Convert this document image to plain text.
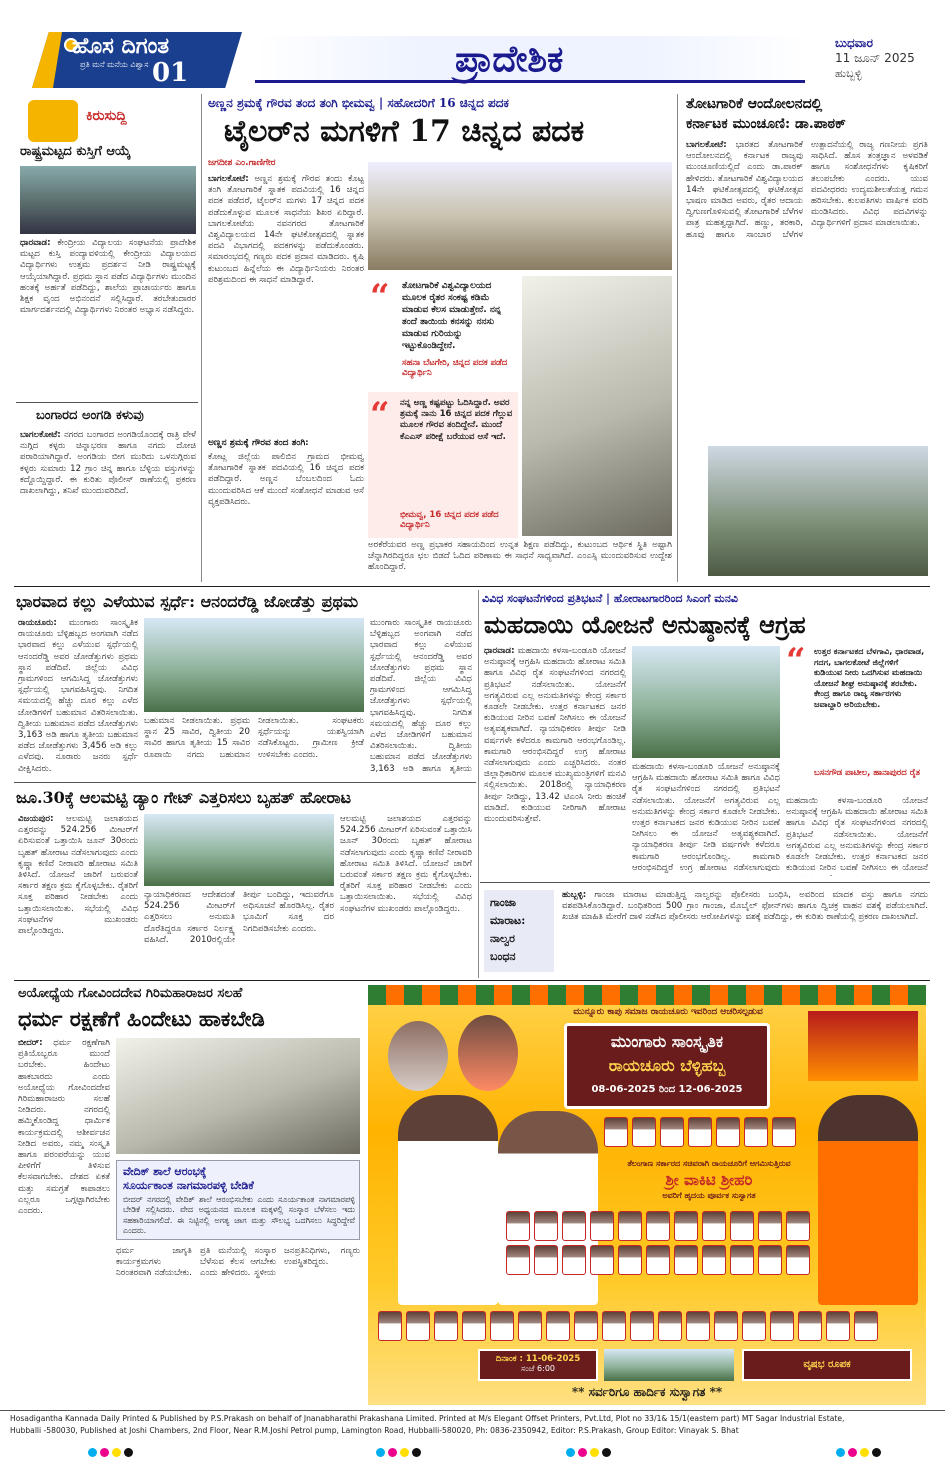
ಹೊಸ ದಿಗಂತ
ಪ್ರತಿ ಮನೆ ಮನೆಯ ವಿಶ್ವಾಸ 01	ಪ್ರಾದೇಶಿಕ	ಬುಧವಾರ
11 ಜೂನ್ 2025
ಹುಬ್ಬಳ್ಳಿ
ಕಿರುಸುದ್ದಿ
ರಾಷ್ಟ್ರಮಟ್ಟದ ಕುಸ್ತಿಗೆ ಆಯ್ಕೆ
ಧಾರವಾಡ: ಕೇಂದ್ರೀಯ ವಿದ್ಯಾಲಯ ಸಂಘಟನೆಯ ಪ್ರಾದೇಶಿಕ ಮಟ್ಟದ ಕುಸ್ತಿ ಪಂದ್ಯಾವಳಿಯಲ್ಲಿ ಕೇಂದ್ರೀಯ ವಿದ್ಯಾಲಯದ ವಿದ್ಯಾರ್ಥಿಗಳು ಉತ್ತಮ ಪ್ರದರ್ಶನ ನೀಡಿ ರಾಷ್ಟ್ರಮಟ್ಟಕ್ಕೆ ಆಯ್ಕೆಯಾಗಿದ್ದಾರೆ. ಪ್ರಥಮ ಸ್ಥಾನ ಪಡೆದ ವಿದ್ಯಾರ್ಥಿಗಳು ಮುಂದಿನ ಹಂತಕ್ಕೆ ಅರ್ಹತೆ ಪಡೆದಿದ್ದು, ಶಾಲೆಯ ಪ್ರಾಚಾರ್ಯರು ಹಾಗೂ ಶಿಕ್ಷಕ ವೃಂದ ಅಭಿನಂದನೆ ಸಲ್ಲಿಸಿದ್ದಾರೆ. ತರಬೇತುದಾರರ ಮಾರ್ಗದರ್ಶನದಲ್ಲಿ ವಿದ್ಯಾರ್ಥಿಗಳು ನಿರಂತರ ಅಭ್ಯಾಸ ನಡೆಸಿದ್ದರು.
ಬಂಗಾರದ ಅಂಗಡಿ ಕಳುವು
ಬಾಗಲಕೋಟೆ: ನಗರದ ಬಂಗಾರದ ಅಂಗಡಿಯೊಂದಕ್ಕೆ ರಾತ್ರಿ ವೇಳೆ ನುಗ್ಗಿದ ಕಳ್ಳರು ಚಿನ್ನಾಭರಣ ಹಾಗೂ ನಗದು ದೋಚಿ ಪರಾರಿಯಾಗಿದ್ದಾರೆ. ಅಂಗಡಿಯ ಬೀಗ ಮುರಿದು ಒಳನುಗ್ಗಿರುವ ಕಳ್ಳರು ಸುಮಾರು 12 ಗ್ರಾಂ ಚಿನ್ನ ಹಾಗೂ ಬೆಳ್ಳಿಯ ವಸ್ತುಗಳನ್ನು ಕದ್ದೊಯ್ದಿದ್ದಾರೆ. ಈ ಕುರಿತು ಪೊಲೀಸ್ ಠಾಣೆಯಲ್ಲಿ ಪ್ರಕರಣ ದಾಖಲಾಗಿದ್ದು, ತನಿಖೆ ಮುಂದುವರಿದಿದೆ.
ಅಣ್ಣನ ಶ್ರಮಕ್ಕೆ ಗೌರವ ತಂದ ತಂಗಿ ಭೀಮವ್ವ | ಸಹೋದರಿಗೆ 16 ಚಿನ್ನದ ಪದಕ
ಟೈಲರ್‌ನ ಮಗಳಿಗೆ 17 ಚಿನ್ನದ ಪದಕ
ಜಗದೀಶ ಎಂ.ಗಾಣಿಗೇರ
ಬಾಗಲಕೋಟೆ: ಅಣ್ಣನ ಶ್ರಮಕ್ಕೆ ಗೌರವ ತಂದು ಕೊಟ್ಟ ತಂಗಿ ತೋಟಗಾರಿಕೆ ಸ್ನಾತಕ ಪದವಿಯಲ್ಲಿ 16 ಚಿನ್ನದ ಪದಕ ಪಡೆದರೆ, ಟೈಲರ್‌ನ ಮಗಳು 17 ಚಿನ್ನದ ಪದಕ ಪಡೆದುಕೊಳ್ಳುವ ಮೂಲಕ ಸಾಧನೆಯ ಶಿಖರ ಏರಿದ್ದಾರೆ. ಬಾಗಲಕೋಟೆಯ ನವನಗರದ ತೋಟಗಾರಿಕೆ ವಿಶ್ವವಿದ್ಯಾಲಯದ 14ನೇ ಘಟಿಕೋತ್ಸವದಲ್ಲಿ ಸ್ನಾತಕ ಪದವಿ ವಿಭಾಗದಲ್ಲಿ ಪದಕಗಳನ್ನು ಪಡೆದುಕೊಂಡರು. ಸಮಾರಂಭದಲ್ಲಿ ಗಣ್ಯರು ಪದಕ ಪ್ರದಾನ ಮಾಡಿದರು. ಕೃಷಿ ಕುಟುಂಬದ ಹಿನ್ನೆಲೆಯ ಈ ವಿದ್ಯಾರ್ಥಿನಿಯರು ನಿರಂತರ ಪರಿಶ್ರಮದಿಂದ ಈ ಸಾಧನೆ ಮಾಡಿದ್ದಾರೆ.
ಅಣ್ಣನ ಶ್ರಮಕ್ಕೆ ಗೌರವ ತಂದ ತಂಗಿ:
ಕೋಟ್ಲ ಜಿಲ್ಲೆಯ ಪಾಲಿಬಿನ ಗ್ರಾಮದ ಭೀಮವ್ವ ತೋಟಗಾರಿಕೆ ಸ್ನಾತಕ ಪದವಿಯಲ್ಲಿ 16 ಚಿನ್ನದ ಪದಕ ಪಡೆದಿದ್ದಾರೆ. ಅಣ್ಣನ ಬೆಂಬಲದಿಂದ ಓದು ಮುಂದುವರಿಸಿದ ಆಕೆ ಮುಂದೆ ಸಂಶೋಧನೆ ಮಾಡುವ ಆಸೆ ವ್ಯಕ್ತಪಡಿಸಿದರು.
“ ತೋಟಗಾರಿಕೆ ವಿಶ್ವವಿದ್ಯಾಲಯದ ಮೂಲಕ ರೈತರ ಸಂಕಷ್ಟ ಕಡಿಮೆ ಮಾಡುವ ಕೆಲಸ ಮಾಡುತ್ತೇನೆ. ನನ್ನ ತಂದೆ ತಾಯಿಯ ಕನಸನ್ನು ನನಸು ಮಾಡುವ ಗುರಿಯನ್ನು ಇಟ್ಟುಕೊಂಡಿದ್ದೇನೆ.
ಸಹನಾ ಬೆಟಗೇರಿ, ಚಿನ್ನದ ಪದಕ ಪಡೆದ ವಿದ್ಯಾರ್ಥಿನಿ
“ ನನ್ನ ಅಣ್ಣ ಕಷ್ಟಪಟ್ಟು ಓದಿಸಿದ್ದಾರೆ. ಅವರ ಶ್ರಮಕ್ಕೆ ನಾನು 16 ಚಿನ್ನದ ಪದಕ ಗೆಲ್ಲುವ ಮೂಲಕ ಗೌರವ ತಂದಿದ್ದೇನೆ. ಮುಂದೆ ಕೆಎಎಸ್ ಪರೀಕ್ಷೆ ಬರೆಯುವ ಆಸೆ ಇದೆ.
ಭೀಮವ್ವ, 16 ಚಿನ್ನದ ಪದಕ ಪಡೆದ ವಿದ್ಯಾರ್ಥಿನಿ
ಅರಕೆರೆಯವರ ಅಣ್ಣ ಪ್ರಭಾಕರ ಸಹಾಯದಿಂದ ಉನ್ನತ ಶಿಕ್ಷಣ ಪಡೆದಿದ್ದು, ಕುಟುಂಬದ ಆರ್ಥಿಕ ಸ್ಥಿತಿ ಅಷ್ಟಾಗಿ ಚೆನ್ನಾಗಿರದಿದ್ದರೂ ಛಲ ಬಿಡದೆ ಓದಿದ ಪರಿಣಾಮ ಈ ಸಾಧನೆ ಸಾಧ್ಯವಾಗಿದೆ. ಎಂಎಸ್ಸಿ ಮುಂದುವರಿಸುವ ಉದ್ದೇಶ ಹೊಂದಿದ್ದಾರೆ.
ತೋಟಗಾರಿಕೆ ಆಂದೋಲನದಲ್ಲಿ
ಕರ್ನಾಟಕ ಮುಂಚೂಣಿ: ಡಾ.ಪಾಠಕ್
ಬಾಗಲಕೋಟೆ: ಭಾರತದ ತೋಟಗಾರಿಕೆ ಆಂದೋಲನದಲ್ಲಿ ಕರ್ನಾಟಕ ರಾಜ್ಯವು ಮುಂಚೂಣಿಯಲ್ಲಿದೆ ಎಂದು ಡಾ.ಪಾಠಕ್ ಹೇಳಿದರು. ತೋಟಗಾರಿಕೆ ವಿಶ್ವವಿದ್ಯಾಲಯದ 14ನೇ ಘಟಿಕೋತ್ಸವದಲ್ಲಿ ಘಟಿಕೋತ್ಸವ ಭಾಷಣ ಮಾಡಿದ ಅವರು, ರೈತರ ಆದಾಯ ದ್ವಿಗುಣಗೊಳಿಸುವಲ್ಲಿ ತೋಟಗಾರಿಕೆ ಬೆಳೆಗಳ ಪಾತ್ರ ಮಹತ್ವದ್ದಾಗಿದೆ. ಹಣ್ಣು, ತರಕಾರಿ, ಹೂವು ಹಾಗೂ ಸಾಂಬಾರ ಬೆಳೆಗಳ ಉತ್ಪಾದನೆಯಲ್ಲಿ ರಾಜ್ಯ ಗಣನೀಯ ಪ್ರಗತಿ ಸಾಧಿಸಿದೆ. ಹೊಸ ತಂತ್ರಜ್ಞಾನ ಅಳವಡಿಕೆ ಹಾಗೂ ಸಂಶೋಧನೆಗಳು ಕೃಷಿಕರಿಗೆ ತಲುಪಬೇಕು ಎಂದರು. ಯುವ ಪದವೀಧರರು ಉದ್ಯಮಶೀಲತೆಯತ್ತ ಗಮನ ಹರಿಸಬೇಕು. ಕುಲಪತಿಗಳು ವಾರ್ಷಿಕ ವರದಿ ಮಂಡಿಸಿದರು. ವಿವಿಧ ಪದವಿಗಳನ್ನು ವಿದ್ಯಾರ್ಥಿಗಳಿಗೆ ಪ್ರದಾನ ಮಾಡಲಾಯಿತು.
ಭಾರವಾದ ಕಲ್ಲು ಎಳೆಯುವ ಸ್ಪರ್ಧೆ: ಆನಂದರೆಡ್ಡಿ ಜೋಡೆತ್ತು ಪ್ರಥಮ
ರಾಯಚೂರು: ಮುಂಗಾರು ಸಾಂಸ್ಕೃತಿಕ ರಾಯಚೂರು ಬೆಳ್ಳಿಹಬ್ಬದ ಅಂಗವಾಗಿ ನಡೆದ ಭಾರವಾದ ಕಲ್ಲು ಎಳೆಯುವ ಸ್ಪರ್ಧೆಯಲ್ಲಿ ಆನಂದರೆಡ್ಡಿ ಅವರ ಜೋಡೆತ್ತುಗಳು ಪ್ರಥಮ ಸ್ಥಾನ ಪಡೆದಿವೆ. ಜಿಲ್ಲೆಯ ವಿವಿಧ ಗ್ರಾಮಗಳಿಂದ ಆಗಮಿಸಿದ್ದ ಜೋಡೆತ್ತುಗಳು ಸ್ಪರ್ಧೆಯಲ್ಲಿ ಭಾಗವಹಿಸಿದ್ದವು. ನಿಗದಿತ ಸಮಯದಲ್ಲಿ ಹೆಚ್ಚು ದೂರ ಕಲ್ಲು ಎಳೆದ ಜೋಡಿಗಳಿಗೆ ಬಹುಮಾನ ವಿತರಿಸಲಾಯಿತು. ದ್ವಿತೀಯ ಬಹುಮಾನ ಪಡೆದ ಜೋಡೆತ್ತುಗಳು 3,163 ಅಡಿ ಹಾಗೂ ತೃತೀಯ ಬಹುಮಾನ ಪಡೆದ ಜೋಡೆತ್ತುಗಳು 3,456 ಅಡಿ ಕಲ್ಲು ಎಳೆದವು. ನೂರಾರು ಜನರು ಸ್ಪರ್ಧೆ ವೀಕ್ಷಿಸಿದರು.
ಬಹುಮಾನ ನೀಡಲಾಯಿತು. ಪ್ರಥಮ ಸ್ಥಾನ 25 ಸಾವಿರ, ದ್ವಿತೀಯ 20 ಸಾವಿರ ಹಾಗೂ ತೃತೀಯ 15 ಸಾವಿರ ರೂಪಾಯಿ ನಗದು ಬಹುಮಾನ ನೀಡಲಾಯಿತು. ಸಂಘಟಕರು ಸ್ಪರ್ಧೆಯನ್ನು ಯಶಸ್ವಿಯಾಗಿ ನಡೆಸಿಕೊಟ್ಟರು. ಗ್ರಾಮೀಣ ಕ್ರೀಡೆ ಉಳಿಸಬೇಕು ಎಂದರು.
ಮುಂಗಾರು ಸಾಂಸ್ಕೃತಿಕ ರಾಯಚೂರು ಬೆಳ್ಳಿಹಬ್ಬದ ಅಂಗವಾಗಿ ನಡೆದ ಭಾರವಾದ ಕಲ್ಲು ಎಳೆಯುವ ಸ್ಪರ್ಧೆಯಲ್ಲಿ ಆನಂದರೆಡ್ಡಿ ಅವರ ಜೋಡೆತ್ತುಗಳು ಪ್ರಥಮ ಸ್ಥಾನ ಪಡೆದಿವೆ. ಜಿಲ್ಲೆಯ ವಿವಿಧ ಗ್ರಾಮಗಳಿಂದ ಆಗಮಿಸಿದ್ದ ಜೋಡೆತ್ತುಗಳು ಸ್ಪರ್ಧೆಯಲ್ಲಿ ಭಾಗವಹಿಸಿದ್ದವು. ನಿಗದಿತ ಸಮಯದಲ್ಲಿ ಹೆಚ್ಚು ದೂರ ಕಲ್ಲು ಎಳೆದ ಜೋಡಿಗಳಿಗೆ ಬಹುಮಾನ ವಿತರಿಸಲಾಯಿತು. ದ್ವಿತೀಯ ಬಹುಮಾನ ಪಡೆದ ಜೋಡೆತ್ತುಗಳು 3,163 ಅಡಿ ಹಾಗೂ ತೃತೀಯ
ಜೂ.30ಕ್ಕೆ ಆಲಮಟ್ಟಿ ಡ್ಯಾಂ ಗೇಟ್ ಎತ್ತರಿಸಲು ಬೃಹತ್ ಹೋರಾಟ
ವಿಜಯಪುರ: ಆಲಮಟ್ಟಿ ಜಲಾಶಯದ ಎತ್ತರವನ್ನು 524.256 ಮೀಟರ್‌ಗೆ ಏರಿಸುವಂತೆ ಒತ್ತಾಯಿಸಿ ಜೂನ್ 30ರಂದು ಬೃಹತ್ ಹೋರಾಟ ನಡೆಸಲಾಗುವುದು ಎಂದು ಕೃಷ್ಣಾ ಕಣಿವೆ ನೀರಾವರಿ ಹೋರಾಟ ಸಮಿತಿ ತಿಳಿಸಿದೆ. ಯೋಜನೆ ಜಾರಿಗೆ ಬರುವಂತೆ ಸರ್ಕಾರ ತಕ್ಷಣ ಕ್ರಮ ಕೈಗೊಳ್ಳಬೇಕು. ರೈತರಿಗೆ ಸೂಕ್ತ ಪರಿಹಾರ ನೀಡಬೇಕು ಎಂದು ಒತ್ತಾಯಿಸಲಾಯಿತು. ಸಭೆಯಲ್ಲಿ ವಿವಿಧ ಸಂಘಟನೆಗಳ ಮುಖಂಡರು ಪಾಲ್ಗೊಂಡಿದ್ದರು.
ನ್ಯಾಯಾಧಿಕರಣದ ಆದೇಶದಂತೆ 524.256 ಮೀಟರ್‌ಗೆ ಎತ್ತರಿಸಲು ಅನುಮತಿ ದೊರೆತಿದ್ದರೂ ಸರ್ಕಾರ ನಿರ್ಲಕ್ಷ್ಯ ವಹಿಸಿದೆ. 2010ರಲ್ಲಿಯೇ ತೀರ್ಪು ಬಂದಿದ್ದು, ಇದುವರೆಗೂ ಅಧಿಸೂಚನೆ ಹೊರಡಿಸಿಲ್ಲ. ರೈತರ ಭೂಮಿಗೆ ಸೂಕ್ತ ದರ ನಿಗದಿಪಡಿಸಬೇಕು ಎಂದರು.
ಆಲಮಟ್ಟಿ ಜಲಾಶಯದ ಎತ್ತರವನ್ನು 524.256 ಮೀಟರ್‌ಗೆ ಏರಿಸುವಂತೆ ಒತ್ತಾಯಿಸಿ ಜೂನ್ 30ರಂದು ಬೃಹತ್ ಹೋರಾಟ ನಡೆಸಲಾಗುವುದು ಎಂದು ಕೃಷ್ಣಾ ಕಣಿವೆ ನೀರಾವರಿ ಹೋರಾಟ ಸಮಿತಿ ತಿಳಿಸಿದೆ. ಯೋಜನೆ ಜಾರಿಗೆ ಬರುವಂತೆ ಸರ್ಕಾರ ತಕ್ಷಣ ಕ್ರಮ ಕೈಗೊಳ್ಳಬೇಕು. ರೈತರಿಗೆ ಸೂಕ್ತ ಪರಿಹಾರ ನೀಡಬೇಕು ಎಂದು ಒತ್ತಾಯಿಸಲಾಯಿತು. ಸಭೆಯಲ್ಲಿ ವಿವಿಧ ಸಂಘಟನೆಗಳ ಮುಖಂಡರು ಪಾಲ್ಗೊಂಡಿದ್ದರು.
ವಿವಿಧ ಸಂಘಟನೆಗಳಿಂದ ಪ್ರತಿಭಟನೆ | ಹೋರಾಟಗಾರರಿಂದ ಸಿಎಂಗೆ ಮನವಿ
ಮಹದಾಯಿ ಯೋಜನೆ ಅನುಷ್ಠಾನಕ್ಕೆ ಆಗ್ರಹ
ಧಾರವಾಡ: ಮಹದಾಯಿ ಕಳಸಾ-ಬಂಡೂರಿ ಯೋಜನೆ ಅನುಷ್ಠಾನಕ್ಕೆ ಆಗ್ರಹಿಸಿ ಮಹದಾಯಿ ಹೋರಾಟ ಸಮಿತಿ ಹಾಗೂ ವಿವಿಧ ರೈತ ಸಂಘಟನೆಗಳಿಂದ ನಗರದಲ್ಲಿ ಪ್ರತಿಭಟನೆ ನಡೆಸಲಾಯಿತು. ಯೋಜನೆಗೆ ಅಗತ್ಯವಿರುವ ಎಲ್ಲ ಅನುಮತಿಗಳನ್ನು ಕೇಂದ್ರ ಸರ್ಕಾರ ಕೂಡಲೇ ನೀಡಬೇಕು. ಉತ್ತರ ಕರ್ನಾಟಕದ ಜನರ ಕುಡಿಯುವ ನೀರಿನ ಬವಣೆ ನೀಗಿಸಲು ಈ ಯೋಜನೆ ಅತ್ಯವಶ್ಯಕವಾಗಿದೆ. ನ್ಯಾಯಾಧಿಕರಣ ತೀರ್ಪು ನೀಡಿ ವರ್ಷಗಳೇ ಕಳೆದರೂ ಕಾಮಗಾರಿ ಆರಂಭಗೊಂಡಿಲ್ಲ. ಕಾಮಗಾರಿ ಆರಂಭಿಸದಿದ್ದರೆ ಉಗ್ರ ಹೋರಾಟ ನಡೆಸಲಾಗುವುದು ಎಂದು ಎಚ್ಚರಿಸಿದರು. ನಂತರ ಜಿಲ್ಲಾಧಿಕಾರಿಗಳ ಮೂಲಕ ಮುಖ್ಯಮಂತ್ರಿಗಳಿಗೆ ಮನವಿ ಸಲ್ಲಿಸಲಾಯಿತು. 2018ರಲ್ಲಿ ನ್ಯಾಯಾಧಿಕರಣ ತೀರ್ಪು ನೀಡಿದ್ದು, 13.42 ಟಿಎಂಸಿ ನೀರು ಹಂಚಿಕೆ ಮಾಡಿದೆ. ಕುಡಿಯುವ ನೀರಿಗಾಗಿ ಹೋರಾಟ ಮುಂದುವರಿಸುತ್ತೇವೆ.
ಮಹದಾಯಿ ಕಳಸಾ-ಬಂಡೂರಿ ಯೋಜನೆ ಅನುಷ್ಠಾನಕ್ಕೆ ಆಗ್ರಹಿಸಿ ಮಹದಾಯಿ ಹೋರಾಟ ಸಮಿತಿ ಹಾಗೂ ವಿವಿಧ ರೈತ ಸಂಘಟನೆಗಳಿಂದ ನಗರದಲ್ಲಿ ಪ್ರತಿಭಟನೆ ನಡೆಸಲಾಯಿತು. ಯೋಜನೆಗೆ ಅಗತ್ಯವಿರುವ ಎಲ್ಲ ಅನುಮತಿಗಳನ್ನು ಕೇಂದ್ರ ಸರ್ಕಾರ ಕೂಡಲೇ ನೀಡಬೇಕು. ಉತ್ತರ ಕರ್ನಾಟಕದ ಜನರ ಕುಡಿಯುವ ನೀರಿನ ಬವಣೆ ನೀಗಿಸಲು ಈ ಯೋಜನೆ ಅತ್ಯವಶ್ಯಕವಾಗಿದೆ. ನ್ಯಾಯಾಧಿಕರಣ ತೀರ್ಪು ನೀಡಿ ವರ್ಷಗಳೇ ಕಳೆದರೂ ಕಾಮಗಾರಿ ಆರಂಭಗೊಂಡಿಲ್ಲ. ಕಾಮಗಾರಿ ಆರಂಭಿಸದಿದ್ದರೆ ಉಗ್ರ ಹೋರಾಟ ನಡೆಸಲಾಗುವುದು
“ ಉತ್ತರ ಕರ್ನಾಟಕದ ಬೆಳಗಾವಿ, ಧಾರವಾಡ, ಗದಗ, ಬಾಗಲಕೋಟೆ ಜಿಲ್ಲೆಗಳಿಗೆ ಕುಡಿಯುವ ನೀರು ಒದಗಿಸುವ ಮಹದಾಯಿ ಯೋಜನೆ ಶೀಘ್ರ ಅನುಷ್ಠಾನಕ್ಕೆ ತರಬೇಕು. ಕೇಂದ್ರ ಹಾಗೂ ರಾಜ್ಯ ಸರ್ಕಾರಗಳು ಜವಾಬ್ದಾರಿ ಅರಿಯಬೇಕು.
ಬಸನಗೌಡ ಪಾಟೀಲ, ಹಾನಾಪುರದ ರೈತ
ಮಹದಾಯಿ ಕಳಸಾ-ಬಂಡೂರಿ ಯೋಜನೆ ಅನುಷ್ಠಾನಕ್ಕೆ ಆಗ್ರಹಿಸಿ ಮಹದಾಯಿ ಹೋರಾಟ ಸಮಿತಿ ಹಾಗೂ ವಿವಿಧ ರೈತ ಸಂಘಟನೆಗಳಿಂದ ನಗರದಲ್ಲಿ ಪ್ರತಿಭಟನೆ ನಡೆಸಲಾಯಿತು. ಯೋಜನೆಗೆ ಅಗತ್ಯವಿರುವ ಎಲ್ಲ ಅನುಮತಿಗಳನ್ನು ಕೇಂದ್ರ ಸರ್ಕಾರ ಕೂಡಲೇ ನೀಡಬೇಕು. ಉತ್ತರ ಕರ್ನಾಟಕದ ಜನರ ಕುಡಿಯುವ ನೀರಿನ ಬವಣೆ ನೀಗಿಸಲು ಈ ಯೋಜನೆ
ಗಾಂಜಾ
ಮಾರಾಟ:
ನಾಲ್ವರ
ಬಂಧನ
ಹುಬ್ಬಳ್ಳಿ: ಗಾಂಜಾ ಮಾರಾಟ ಮಾಡುತ್ತಿದ್ದ ನಾಲ್ವರನ್ನು ಪೊಲೀಸರು ಬಂಧಿಸಿ, ಅವರಿಂದ ಮಾದಕ ವಸ್ತು ಹಾಗೂ ನಗದು ವಶಪಡಿಸಿಕೊಂಡಿದ್ದಾರೆ. ಬಂಧಿತರಿಂದ 500 ಗ್ರಾಂ ಗಾಂಜಾ, ಮೊಬೈಲ್ ಫೋನ್‌ಗಳು ಹಾಗೂ ದ್ವಿಚಕ್ರ ವಾಹನ ವಶಕ್ಕೆ ಪಡೆಯಲಾಗಿದೆ. ಖಚಿತ ಮಾಹಿತಿ ಮೇರೆಗೆ ದಾಳಿ ನಡೆಸಿದ ಪೊಲೀಸರು ಆರೋಪಿಗಳನ್ನು ವಶಕ್ಕೆ ಪಡೆದಿದ್ದು, ಈ ಕುರಿತು ಠಾಣೆಯಲ್ಲಿ ಪ್ರಕರಣ ದಾಖಲಾಗಿದೆ.
ಅಯೋಧ್ಯೆಯ ಗೋವಿಂದದೇವ ಗಿರಿಮಹಾರಾಜರ ಸಲಹೆ
ಧರ್ಮ ರಕ್ಷಣೆಗೆ ಹಿಂದೇಟು ಹಾಕಬೇಡಿ
ಬೀದರ್: ಧರ್ಮ ರಕ್ಷಣೆಗಾಗಿ ಪ್ರತಿಯೊಬ್ಬರೂ ಮುಂದೆ ಬರಬೇಕು. ಹಿಂದೇಟು ಹಾಕಬಾರದು ಎಂದು ಅಯೋಧ್ಯೆಯ ಗೋವಿಂದದೇವ ಗಿರಿಮಹಾರಾಜರು ಸಲಹೆ ನೀಡಿದರು. ನಗರದಲ್ಲಿ ಹಮ್ಮಿಕೊಂಡಿದ್ದ ಧಾರ್ಮಿಕ ಕಾರ್ಯಕ್ರಮದಲ್ಲಿ ಆಶೀರ್ವಚನ ನೀಡಿದ ಅವರು, ನಮ್ಮ ಸಂಸ್ಕೃತಿ ಹಾಗೂ ಪರಂಪರೆಯನ್ನು ಯುವ ಪೀಳಿಗೆಗೆ ತಿಳಿಸುವ ಕೆಲಸವಾಗಬೇಕು. ದೇಶದ ಏಕತೆ ಮತ್ತು ಸಮಗ್ರತೆ ಕಾಪಾಡಲು ಎಲ್ಲರೂ ಒಗ್ಗಟ್ಟಾಗಿರಬೇಕು ಎಂದರು.
ವೇದಿಕ್ ಶಾಲೆ ಆರಂಭಕ್ಕೆ
ಸೂರ್ಯಕಾಂತ ನಾಗಮಾರಪಳ್ಳಿ ಬೇಡಿಕೆ
ಬೀದರ್ ನಗರದಲ್ಲಿ ವೇದಿಕ್ ಶಾಲೆ ಆರಂಭಿಸಬೇಕು ಎಂದು ಸೂರ್ಯಕಾಂತ ನಾಗಮಾರಪಳ್ಳಿ ಬೇಡಿಕೆ ಸಲ್ಲಿಸಿದರು. ವೇದ ಅಧ್ಯಯನದ ಮೂಲಕ ಮಕ್ಕಳಲ್ಲಿ ಸಂಸ್ಕಾರ ಬೆಳೆಸಲು ಇದು ಸಹಕಾರಿಯಾಗಲಿದೆ. ಈ ನಿಟ್ಟಿನಲ್ಲಿ ಅಗತ್ಯ ಜಾಗ ಮತ್ತು ಸೌಲಭ್ಯ ಒದಗಿಸಲು ಸಿದ್ಧರಿದ್ದೇವೆ ಎಂದರು.
ಧರ್ಮ ಜಾಗೃತಿ ಕಾರ್ಯಕ್ರಮಗಳು ನಿರಂತರವಾಗಿ ನಡೆಯಬೇಕು. ಪ್ರತಿ ಮನೆಯಲ್ಲಿ ಸಂಸ್ಕಾರ ಬೆಳೆಸುವ ಕೆಲಸ ಆಗಬೇಕು ಎಂದು ಹೇಳಿದರು. ಸ್ಥಳೀಯ ಜನಪ್ರತಿನಿಧಿಗಳು, ಗಣ್ಯರು ಉಪಸ್ಥಿತರಿದ್ದರು.
ಮುನ್ನೂರು ಕಾಪು ಸಮಾಜ ರಾಯಚೂರು ಇವರಿಂದ ಆಚರಿಸಲ್ಪಡುವ
ಮುಂಗಾರು ಸಾಂಸ್ಕೃತಿಕ
ರಾಯಚೂರು ಬೆಳ್ಳಿಹಬ್ಬ
08-06-2025 ರಿಂದ 12-06-2025
ತೆಲಂಗಾಣ ಸರ್ಕಾರದ ಸಚಿವರಾಗಿ ರಾಯಚೂರಿಗೆ ಆಗಮಿಸುತ್ತಿರುವ
ಶ್ರೀ ವಾಕಿಟಿ ಶ್ರೀಹರಿ
ಅವರಿಗೆ ಹೃದಯ ಪೂರ್ವಕ ಸುಸ್ವಾಗತ
ದಿನಾಂಕ : 11-06-2025
ಸಂಜೆ 6:00	ವೃಷಭ ರೂಪಕ
** ಸರ್ವರಿಗೂ ಹಾರ್ದಿಕ ಸುಸ್ವಾಗತ **
Hosadigantha Kannada Daily Printed & Published by P.S.Prakash on behalf of Jnanabharathi Prakashana Limited. Printed at M/s Elegant Offset Printers, Pvt.Ltd, Plot no 33/1& 15/1(eastern part) MT Sagar Industrial Estate,
Hubballi -580030, Published at Joshi Chambers, 2nd Floor, Near R.M.Joshi Petrol pump, Lamington Road, Hubballi-580020, Ph: 0836-2350942, Editor: P.S.Prakash, Group Editor: Vinayak S. Bhat
